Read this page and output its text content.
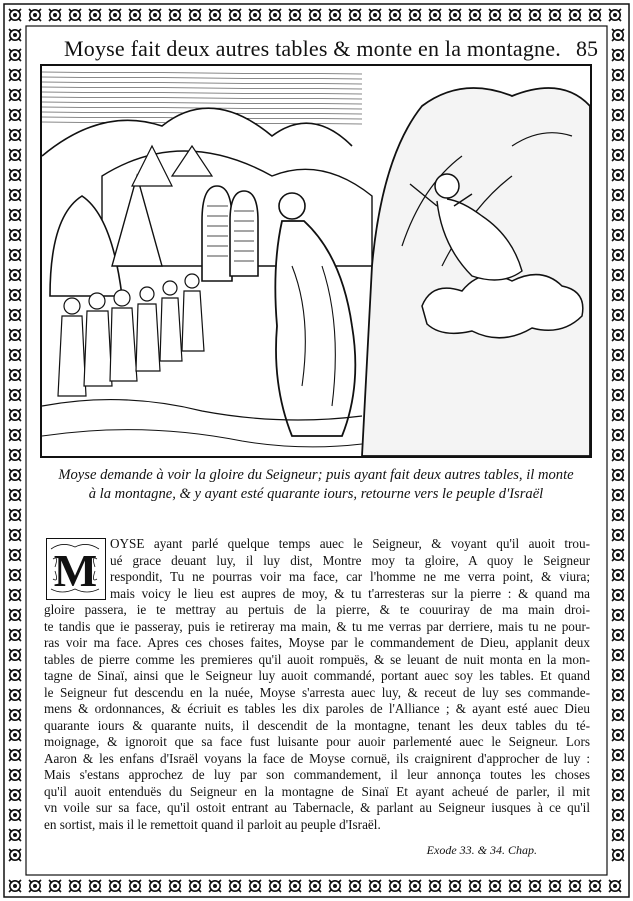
Moyse fait deux autres tables & monte en la montagne. 85
Moyse demande à voir la gloire du Seigneur; puis ayant fait deux autres tables, il monte
à la montagne, & y ayant esté quarante iours, retourne vers le peuple d'Israël
M
OYSE ayant parlé quelque temps auec le Seigneur, & voyant qu'il auoit trou-
ué grace deuant luy, il luy dist, Montre moy ta gloire, A quoy le Seigneur
respondit, Tu ne pourras voir ma face, car l'homme ne me verra point, & viura;
mais voicy le lieu est aupres de moy, & tu t'arresteras sur la pierre : & quand ma
gloire passera, ie te mettray au pertuis de la pierre, & te couuriray de ma main droi-
te tandis que ie passeray, puis ie retireray ma main, & tu me verras par derriere, mais tu ne pour-
ras voir ma face. Apres ces choses faites, Moyse par le commandement de Dieu, applanit deux
tables de pierre comme les premieres qu'il auoit rompuës, & se leuant de nuit monta en la mon-
tagne de Sinaï, ainsi que le Seigneur luy auoit commandé, portant auec soy les tables. Et quand
le Seigneur fut descendu en la nuée, Moyse s'arresta auec luy, & receut de luy ses commande-
mens & ordonnances, & écriuit es tables les dix paroles de l'Alliance ; & ayant esté auec Dieu
quarante iours & quarante nuits, il descendit de la montagne, tenant les deux tables du té-
moignage, & ignoroit que sa face fust luisante pour auoir parlementé auec le Seigneur. Lors
Aaron & les enfans d'Israël voyans la face de Moyse cornuë, ils craignirent d'approcher de luy :
Mais s'estans approchez de luy par son commandement, il leur annonça toutes les choses
qu'il auoit entenduës du Seigneur en la montagne de Sinaï Et ayant acheué de parler, il mit
vn voile sur sa face, qu'il ostoit entrant au Tabernacle, & parlant au Seigneur iusques à ce qu'il
en sortist, mais il le remettoit quand il parloit au peuple d'Israël.
Exode 33. & 34. Chap.
